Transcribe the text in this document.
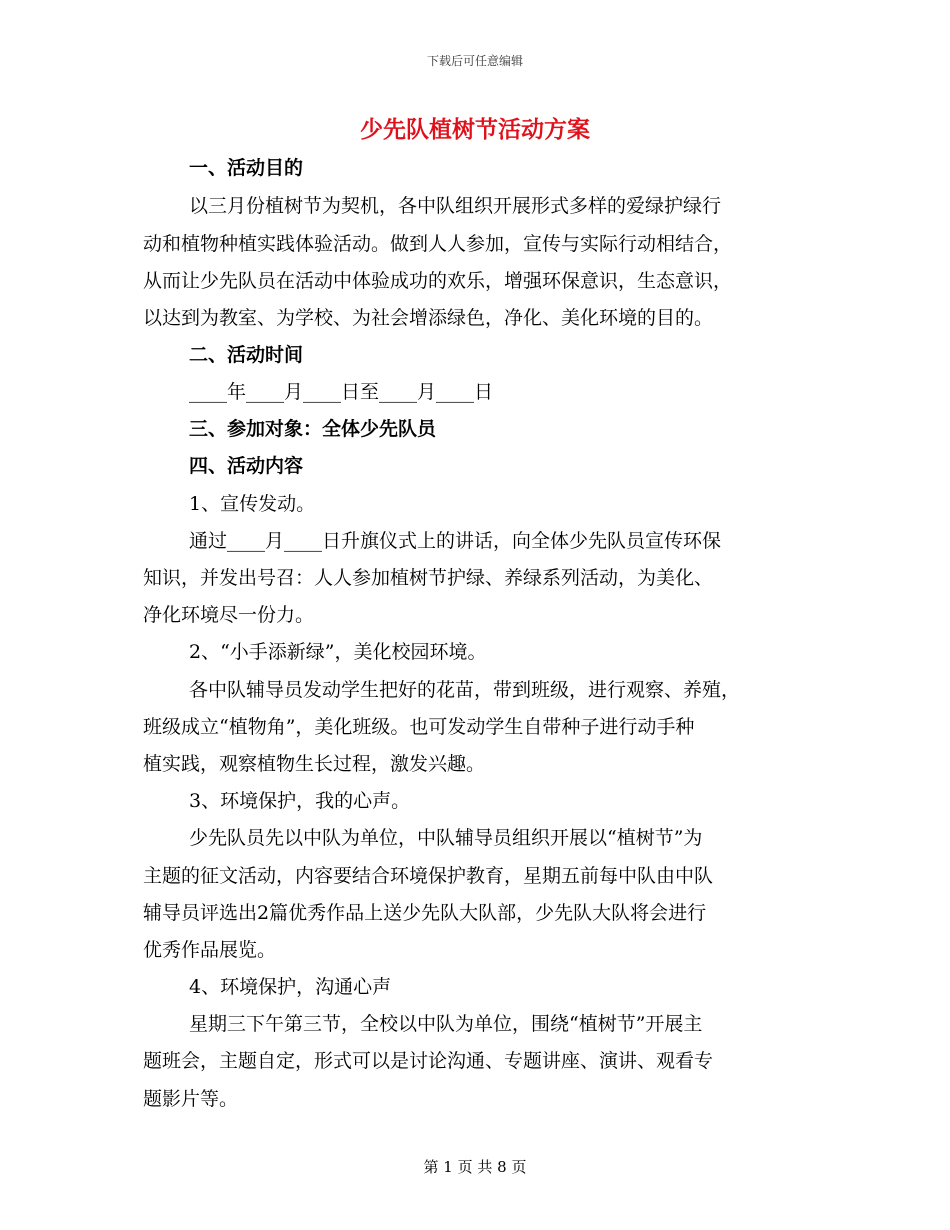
下载后可任意编辑
少先队植树节活动方案
一、活动目的
以三月份植树节为契机，各中队组织开展形式多样的爱绿护绿行
动和植物种植实践体验活动。做到人人参加，宣传与实际行动相结合，
从而让少先队员在活动中体验成功的欢乐，增强环保意识，生态意识，
以达到为教室、为学校、为社会增添绿色，净化、美化环境的目的。
二、活动时间
____年____月____日至____月____日
三、参加对象：全体少先队员
四、活动内容
1、宣传发动。
通过____月____日升旗仪式上的讲话，向全体少先队员宣传环保
知识，并发出号召：人人参加植树节护绿、养绿系列活动，为美化、
净化环境尽一份力。
2、“小手添新绿”，美化校园环境。
各中队辅导员发动学生把好的花苗，带到班级，进行观察、养殖，
班级成立“植物角”，美化班级。也可发动学生自带种子进行动手种
植实践，观察植物生长过程，激发兴趣。
3、环境保护，我的心声。
少先队员先以中队为单位，中队辅导员组织开展以“植树节”为
主题的征文活动，内容要结合环境保护教育，星期五前每中队由中队
辅导员评选出2篇优秀作品上送少先队大队部，少先队大队将会进行
优秀作品展览。
4、环境保护，沟通心声
星期三下午第三节，全校以中队为单位，围绕“植树节”开展主
题班会，主题自定，形式可以是讨论沟通、专题讲座、演讲、观看专
题影片等。
第 1 页 共 8 页
